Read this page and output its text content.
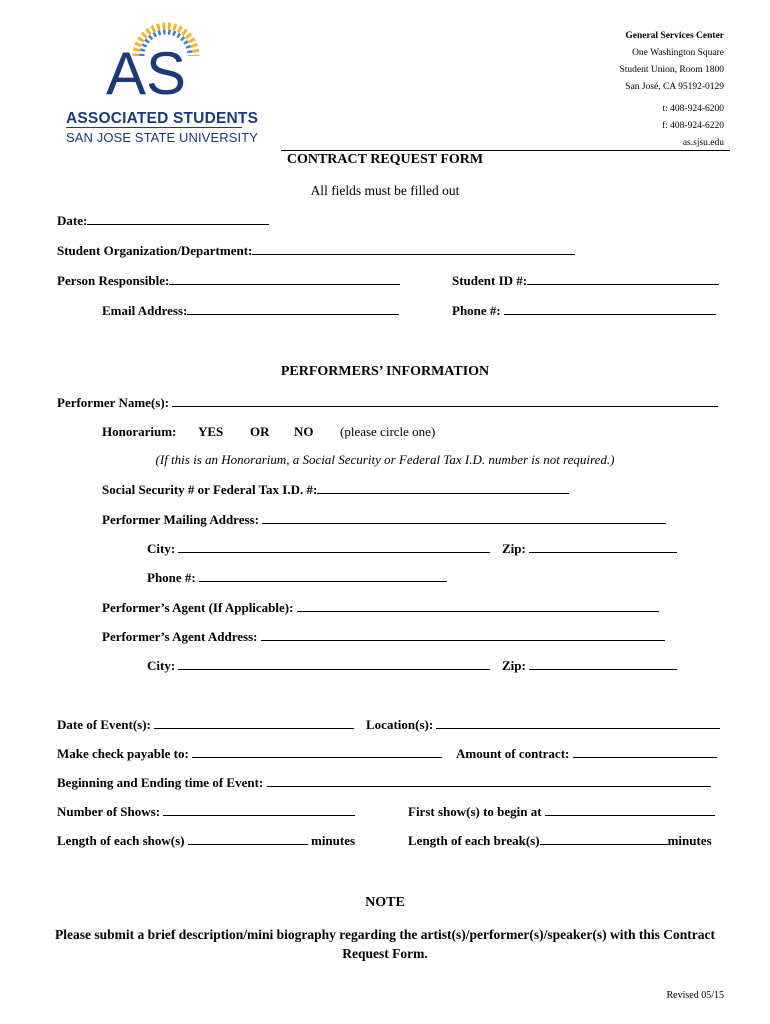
AS
ASSOCIATED STUDENTS
SAN JOSE STATE UNIVERSITY
General Services Center
One Washington Square
Student Union, Room 1800
San José, CA 95192-0129
t: 408-924-6200
f: 408-924-6220
as.sjsu.edu
CONTRACT REQUEST FORM
All fields must be filled out
Date:
Student Organization/Department:
Person Responsible:	Student ID #:
Email Address:	Phone #:
PERFORMERS’ INFORMATION
Performer Name(s):
Honorarium: YES OR NO (please circle one)
(If this is an Honorarium, a Social Security or Federal Tax I.D. number is not required.)
Social Security # or Federal Tax I.D. #:
Performer Mailing Address:
City:	Zip:
Phone #:
Performer’s Agent (If Applicable):
Performer’s Agent Address:
City:	Zip:
Date of Event(s):	Location(s):
Make check payable to:	Amount of contract:
Beginning and Ending time of Event:
Number of Shows:	First show(s) to begin at
Length of each show(s)	minutes	Length of each break(s)	minutes
NOTE
Please submit a brief description/mini biography regarding the artist(s)/performer(s)/speaker(s) with this Contract Request Form.
Revised 05/15
